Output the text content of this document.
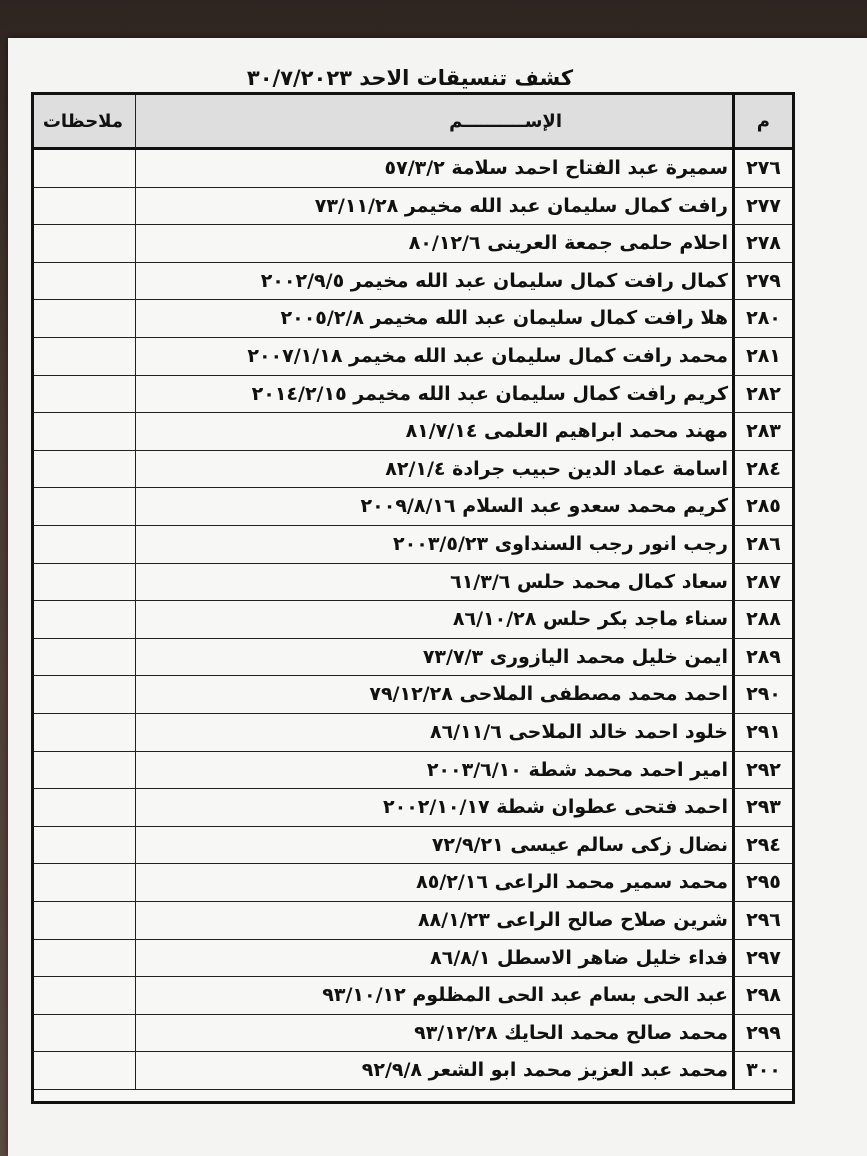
كشف تنسيقات الاحد ٣٠/٧/٢٠٢٣
م
الإســــــــــم
ملاحظات
سميرة عبد الفتاح احمد سلامة ٥٧/٣/٢ ٢٧٦
رافت كمال سليمان عبد الله مخيمر ٧٣/١١/٢٨ ٢٧٧
احلام حلمى جمعة العرينى ٨٠/١٢/٦ ٢٧٨
كمال رافت كمال سليمان عبد الله مخيمر ٢٠٠٢/٩/٥ ٢٧٩
هلا رافت كمال سليمان عبد الله مخيمر ٢٠٠٥/٢/٨ ٢٨٠
محمد رافت كمال سليمان عبد الله مخيمر ٢٠٠٧/١/١٨ ٢٨١
كريم رافت كمال سليمان عبد الله مخيمر ٢٠١٤/٢/١٥ ٢٨٢
مهند محمد ابراهيم العلمى ٨١/٧/١٤ ٢٨٣
اسامة عماد الدين حبيب جرادة ٨٢/١/٤ ٢٨٤
كريم محمد سعدو عبد السلام ٢٠٠٩/٨/١٦ ٢٨٥
رجب انور رجب السنداوى ٢٠٠٣/٥/٢٣ ٢٨٦
سعاد كمال محمد حلس ٦١/٣/٦ ٢٨٧
سناء ماجد بكر حلس ٨٦/١٠/٢٨ ٢٨٨
ايمن خليل محمد اليازورى ٧٣/٧/٣ ٢٨٩
احمد محمد مصطفى الملاحى ٧٩/١٢/٢٨ ٢٩٠
خلود احمد خالد الملاحى ٨٦/١١/٦ ٢٩١
امير احمد محمد شطة ٢٠٠٣/٦/١٠ ٢٩٢
احمد فتحى عطوان شطة ٢٠٠٢/١٠/١٧ ٢٩٣
نضال زكى سالم عيسى ٧٢/٩/٢١ ٢٩٤
محمد سمير محمد الراعى ٨٥/٢/١٦ ٢٩٥
شرين صلاح صالح الراعى ٨٨/١/٢٣ ٢٩٦
فداء خليل ضاهر الاسطل ٨٦/٨/١ ٢٩٧
عبد الحى بسام عبد الحى المظلوم ٩٣/١٠/١٢ ٢٩٨
محمد صالح محمد الحايك ٩٣/١٢/٢٨ ٢٩٩
محمد عبد العزيز محمد ابو الشعر ٩٢/٩/٨ ٣٠٠
